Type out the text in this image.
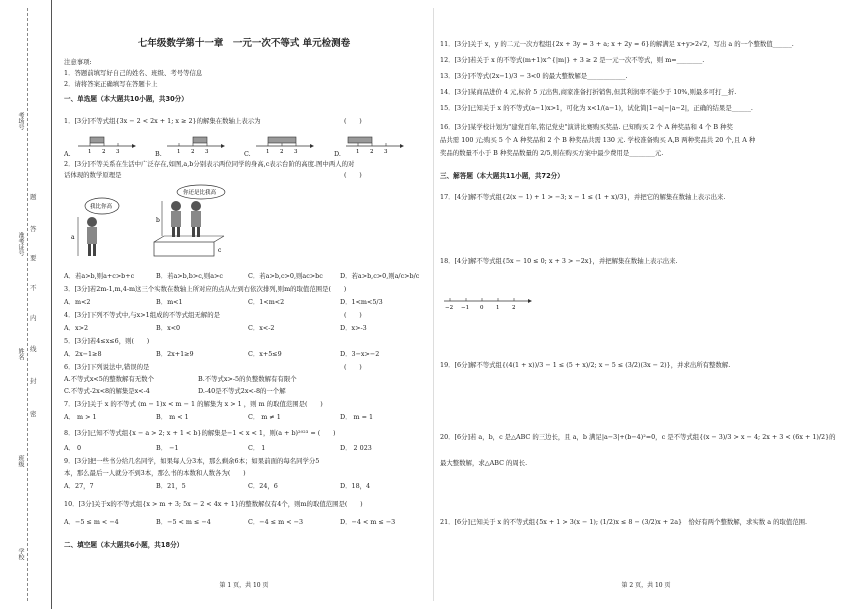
考场号
准考证号
姓名
班级
学校
题
答
要
不
内
线
封
密
七年级数学第十一章　一元一次不等式 单元检测卷
注意事项:
1．答题前填写好自己的姓名、班级、考号等信息
2．请将答案正确填写在答题卡上
一、单选题（本大题共10小题，共30分）
1．[3分]不等式组{3x − 2 < 2x + 1; x ≥ 2}的解集在数轴上表示为	(　　)
A.	1 2 3	B.	1 2 3	C.	1 2 3	D.	1 2 3
2．[3分]不等关系在生活中广泛存在,如图,a,b分别表示两位同学的身高,c表示台阶的高度.图中两人的对
话体现的数学原理是	(　　)
我比你高
a
c
你还是比我高
b
A．若a>b,则a+c>b+c	B．若a>b,b>c,则a>c	C．若a>b,c>0,则ac>bc	D．若a>b,c>0,则a/c>b/c
3．[3分]若2m-1,m,4-m这三个实数在数轴上所对应的点从左到右依次排列,则m的取值范围是(　　)
A．m<2	B．m<1	C．1<m<2	D．1<m<5/3
4．[3分]下列不等式中,与x>1组成的不等式组无解的是	(　　)
A．x>2	B．x<0	C．x<-2	D．x>-3
5．[3分]若4≤x≤6，则(　　)
A．2x−1≥8	B．2x+1≥9	C．x+5≤9	D．3−x>−2
6．[3分]下列说法中,错误的是	(　　)
A.不等式x<5的整数解有无数个	B.不等式x>-5的负整数解有有限个
C.不等式-2x<8的解集是x<-4	D.-40是不等式2x<-8的一个解
7．[3分]关于 x 的不等式 (m − 1)x < m − 1 的解集为 x > 1 ，则 m 的取值范围是(　　)
A． m > 1	B． m < 1	C． m ≠ 1	D． m = 1
8．[3分]已知不等式组{x − a > 2; x + 1 < b}的解集是−1 < x < 1，则(a + b)²⁰²³ = (　　)
A． 0	B． −1	C． 1	D． 2 023
9．[3分]把一些书分给几名同学，如果每人分3本，那么剩余6本；如果前面的每名同学分5
本，那么最后一人就分不到3本，那么书的本数和人数各为(　　)
A．27，7	B．21，5	C．24，6	D．18，4
10．[3分]关于x的不等式组{x > m + 3; 5x − 2 < 4x + 1}的整数解仅有4个，则m的取值范围是(　　)
A．−5 ≤ m < −4	B．−5 < m ≤ −4	C．−4 ≤ m < −3	D．−4 < m ≤ −3
二、填空题（本大题共6小题，共18分）
第 1 页，共 10 页
11．[3分]关于 x，y 的二元一次方程组{2x + 3y = 3 + a; x + 2y = 6}的解满足 x+y>2√2，写出 a 的一个整数值______.
12．[3分]若关于 x 的不等式(m+1)x^{|m|} + 3 ≥ 2 是一元一次不等式，则 m=________.
13．[3分]不等式(2x−1)/3 − 3<0 的最大整数解是____________.
14．[3分]某商品进价 4 元,标价 5 元出售,商家准备打折销售,但其利润率不能少于 10%,则最多可打__折.
15．[3分]已知关于 x 的不等式(a−1)x>1，可化为 x<1/(a−1)，试化简|1−a|−|a−2|，正确的结果是______.
16．[3分]某学校计划为"建党百年,铭记党史"演讲比赛购买奖品. 已知购买 2 个 A 种奖品和 4 个 B 种奖
品共需 100 元;购买 5 个 A 种奖品和 2 个 B 种奖品共需 130 元. 学校准备购买 A,B 两种奖品共 20 个,且 A 种
奖品的数量不小于 B 种奖品数量的 2/5,则在购买方案中最少费用是________元.
三、解答题（本大题共11小题，共72分）
17．[4分]解不等式组{2(x − 1) + 1 > −3; x − 1 ≤ (1 + x)/3}，并把它的解集在数轴上表示出来.
18．[4分]解不等式组{5x − 10 ≤ 0; x + 3 > −2x}，并把解集在数轴上表示出来.
−2 −1 0 1 2
19．[6分]解不等式组{(4(1 + x))/3 − 1 ≤ (5 + x)/2; x − 5 ≤ (3/2)(3x − 2)}，并求出所有整数解.
20．[6分]若 a，b，c 是△ABC 的三边长，且 a，b 满足|a−3|+(b−4)²=0，c 是不等式组{(x − 3)/3 > x − 4; 2x + 3 < (6x + 1)/2}的
最大整数解，求△ABC 的周长.
21．[6分]已知关于 x 的不等式组{5x + 1 > 3(x − 1); (1/2)x ≤ 8 − (3/2)x + 2a}　恰好有两个整数解，求实数 a 的取值范围.
第 2 页，共 10 页
